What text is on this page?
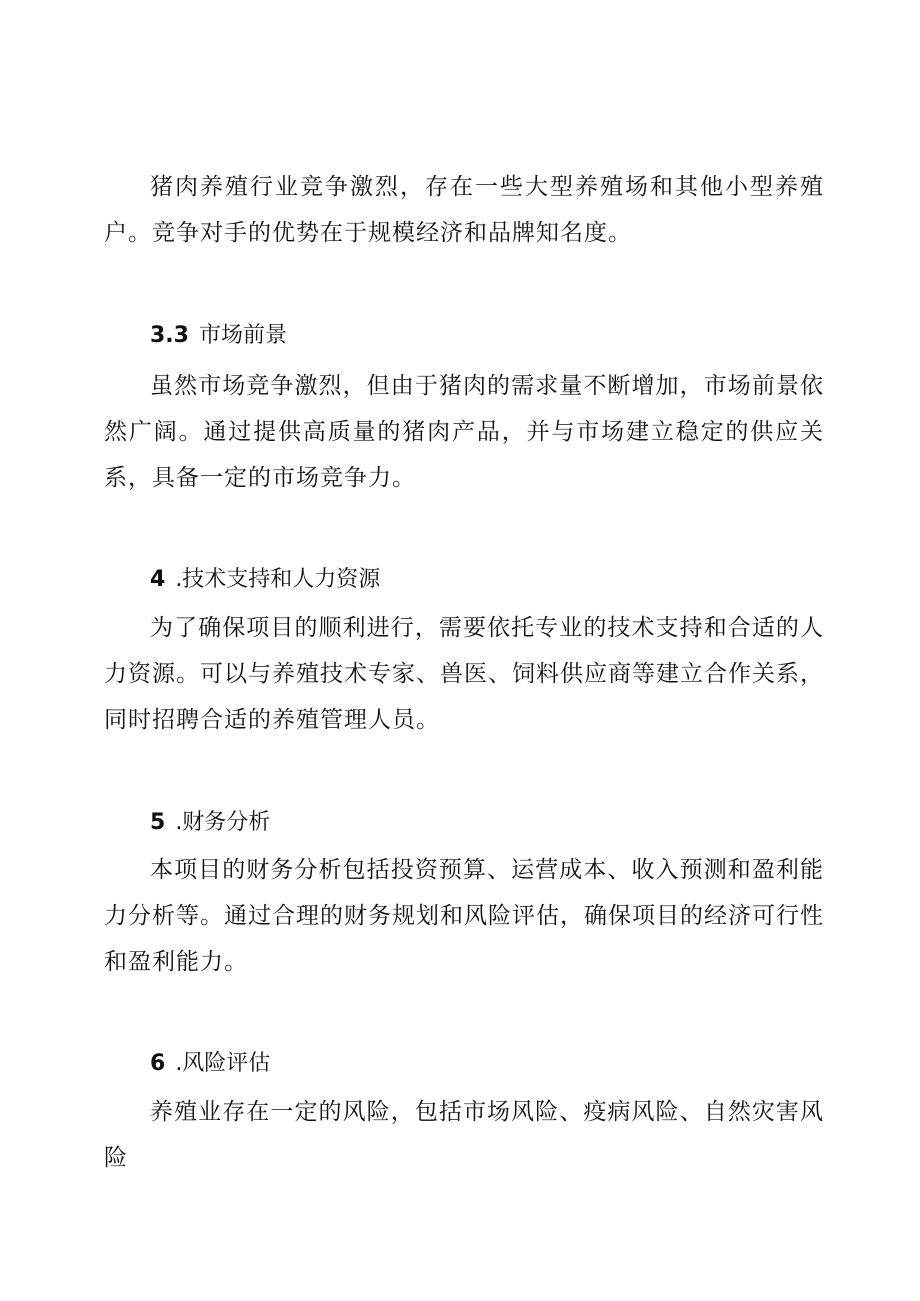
猪肉养殖行业竞争激烈，存在一些大型养殖场和其他小型养殖户。竞争对手的优势在于规模经济和品牌知名度。

3.3 市场前景

虽然市场竞争激烈，但由于猪肉的需求量不断增加，市场前景依然广阔。通过提供高质量的猪肉产品，并与市场建立稳定的供应关系，具备一定的市场竞争力。

4 .技术支持和人力资源

为了确保项目的顺利进行，需要依托专业的技术支持和合适的人力资源。可以与养殖技术专家、兽医、饲料供应商等建立合作关系，同时招聘合适的养殖管理人员。

5 .财务分析

本项目的财务分析包括投资预算、运营成本、收入预测和盈利能力分析等。通过合理的财务规划和风险评估，确保项目的经济可行性和盈利能力。

6 .风险评估

养殖业存在一定的风险，包括市场风险、疫病风险、自然灾害风险
